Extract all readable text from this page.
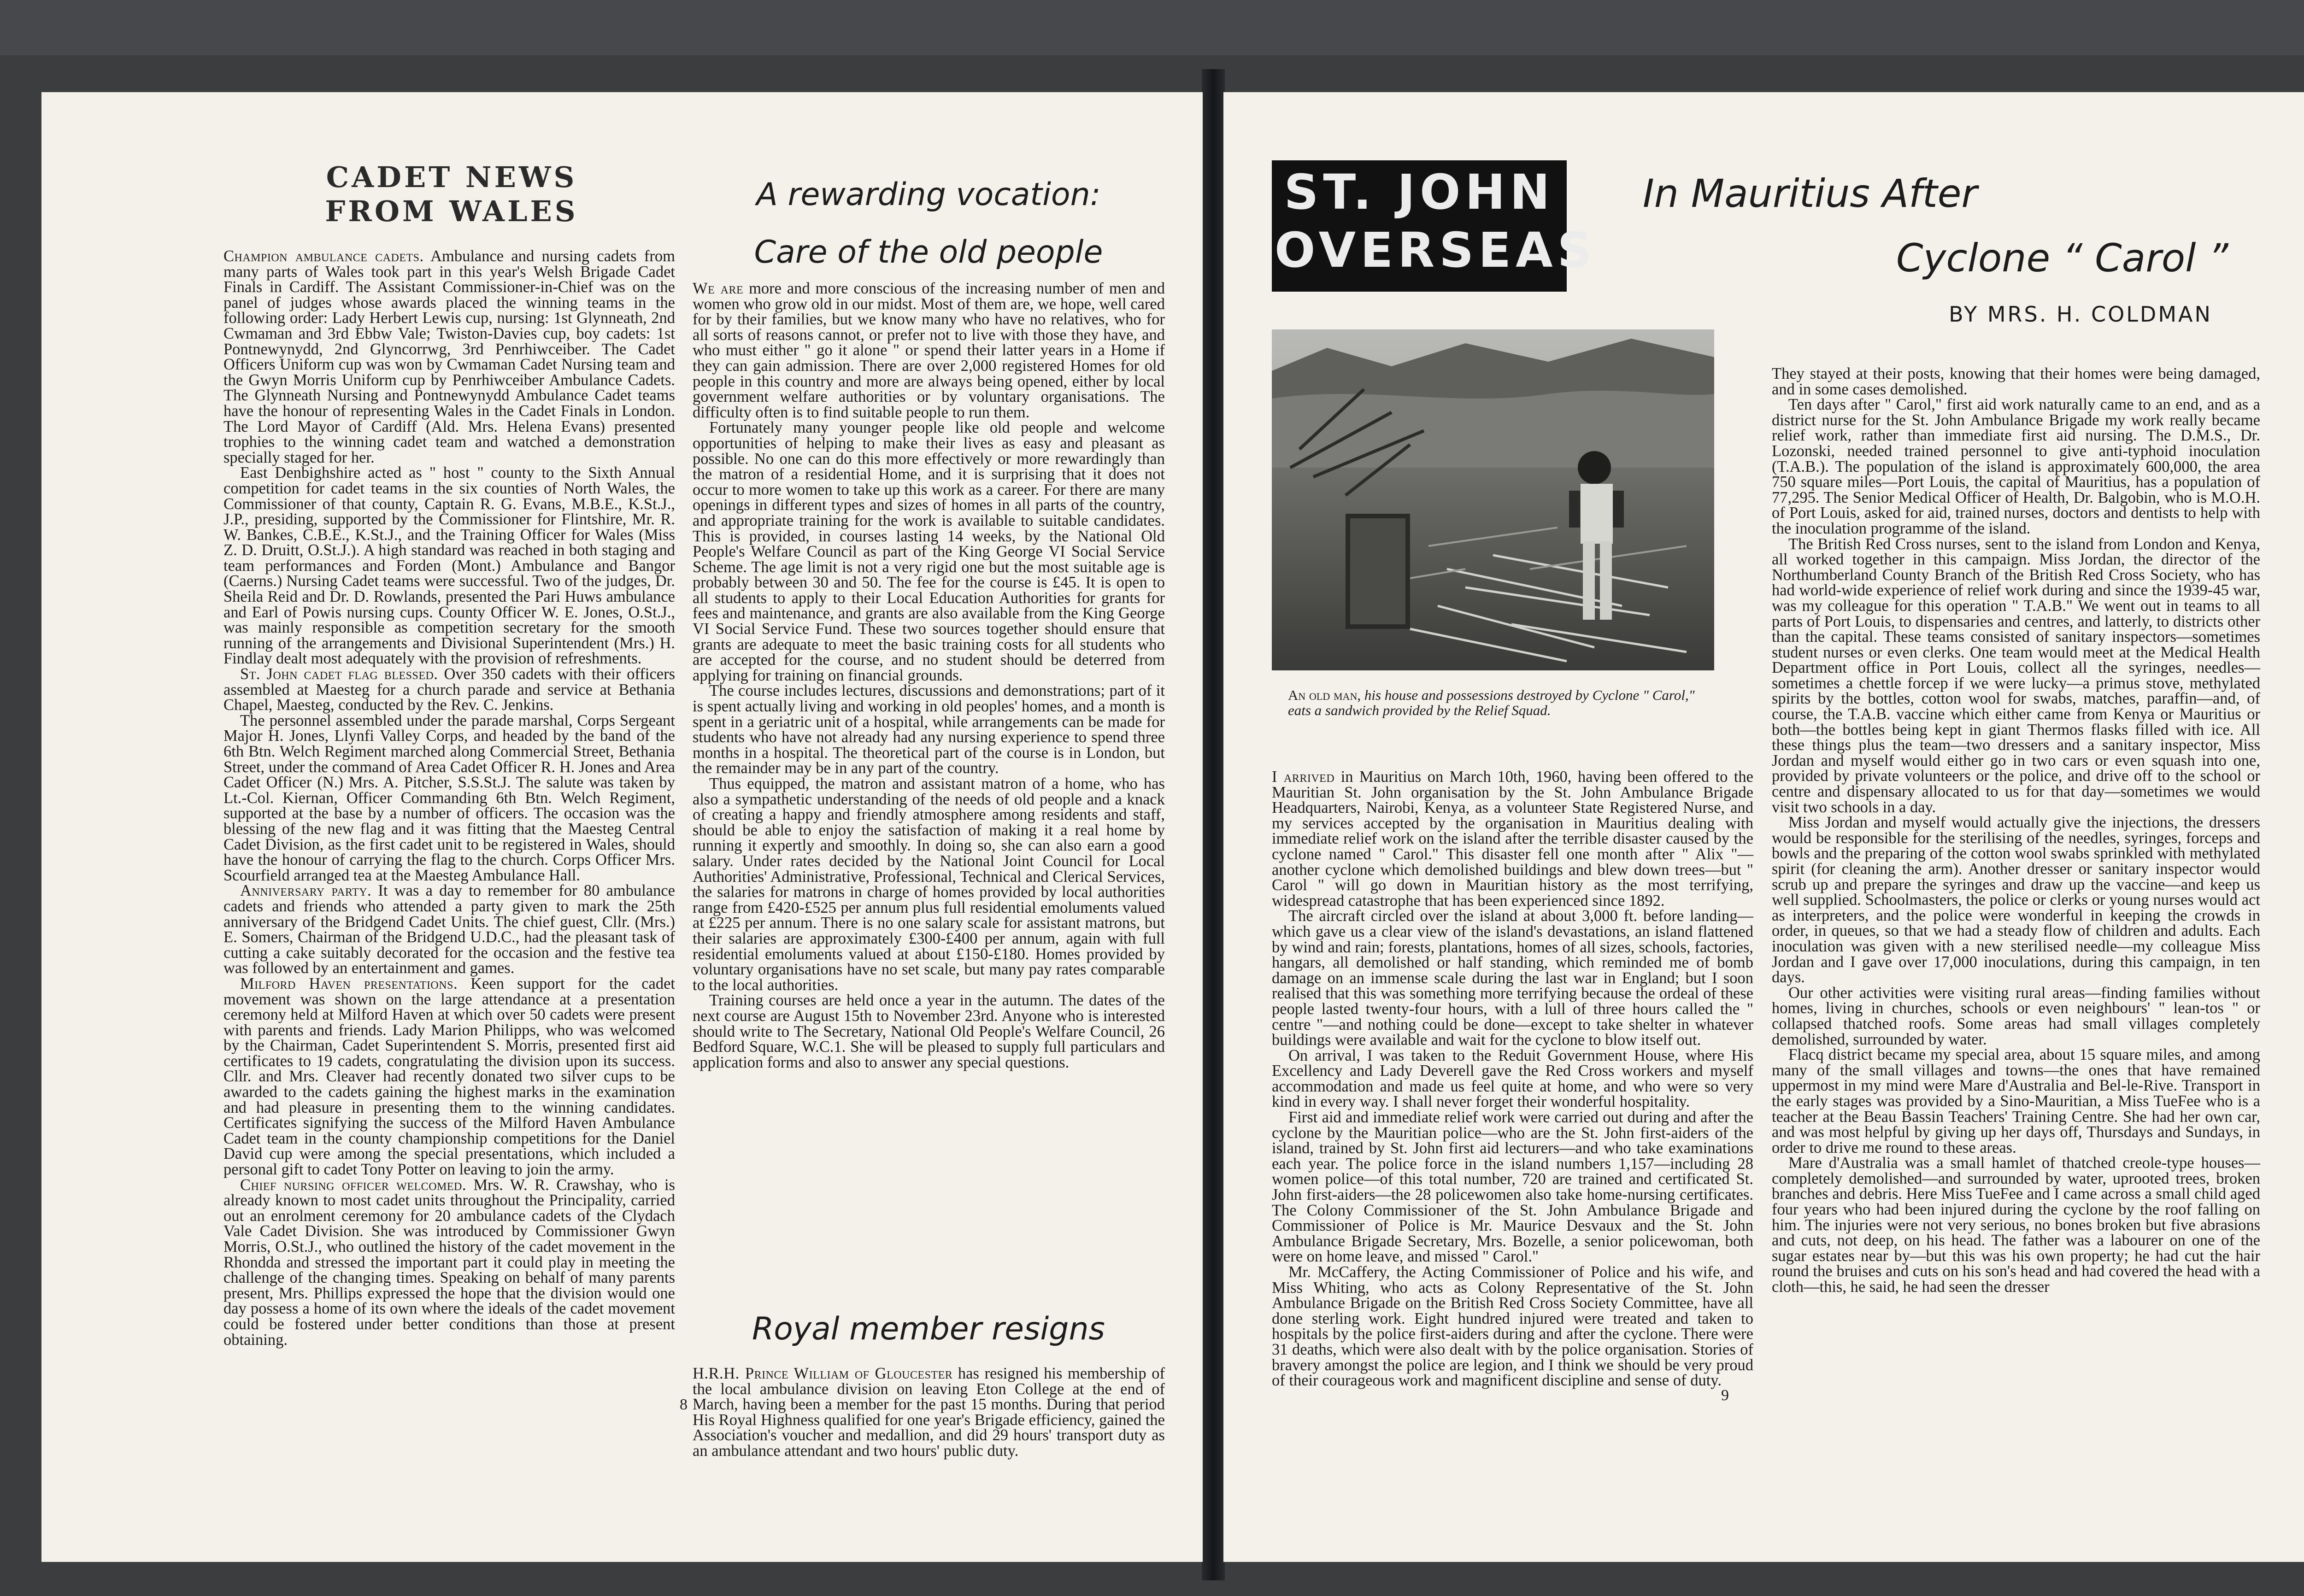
CADET NEWS
FROM WALES

Champion ambulance cadets. Ambulance and nursing cadets from many parts of Wales took part in this year's Welsh Brigade Cadet Finals in Cardiff. The Assistant Commissioner-in-Chief was on the panel of judges whose awards placed the winning teams in the following order: Lady Herbert Lewis cup, nursing: 1st Glynneath, 2nd Cwmaman and 3rd Ebbw Vale; Twiston-Davies cup, boy cadets: 1st Pontnewynydd, 2nd Glyncorrwg, 3rd Penrhiwceiber. The Cadet Officers Uniform cup was won by Cwmaman Cadet Nursing team and the Gwyn Morris Uniform cup by Penrhiwceiber Ambulance Cadets. The Glynneath Nursing and Pontnewynydd Ambulance Cadet teams have the honour of representing Wales in the Cadet Finals in London. The Lord Mayor of Cardiff (Ald. Mrs. Helena Evans) presented trophies to the winning cadet team and watched a demonstration specially staged for her.

East Denbighshire acted as " host " county to the Sixth Annual competition for cadet teams in the six counties of North Wales, the Commissioner of that county, Captain R. G. Evans, M.B.E., K.St.J., J.P., presiding, supported by the Commissioner for Flintshire, Mr. R. W. Bankes, C.B.E., K.St.J., and the Training Officer for Wales (Miss Z. D. Druitt, O.St.J.). A high standard was reached in both staging and team performances and Forden (Mont.) Ambulance and Bangor (Caerns.) Nursing Cadet teams were successful. Two of the judges, Dr. Sheila Reid and Dr. D. Rowlands, presented the Pari Huws ambulance and Earl of Powis nursing cups. County Officer W. E. Jones, O.St.J., was mainly responsible as competition secretary for the smooth running of the arrangements and Divisional Superintendent (Mrs.) H. Findlay dealt most adequately with the provision of refreshments.

St. John cadet flag blessed. Over 350 cadets with their officers assembled at Maesteg for a church parade and service at Bethania Chapel, Maesteg, conducted by the Rev. C. Jenkins.

The personnel assembled under the parade marshal, Corps Sergeant Major H. Jones, Llynfi Valley Corps, and headed by the band of the 6th Btn. Welch Regiment marched along Commercial Street, Bethania Street, under the command of Area Cadet Officer R. H. Jones and Area Cadet Officer (N.) Mrs. A. Pitcher, S.S.St.J. The salute was taken by Lt.-Col. Kiernan, Officer Commanding 6th Btn. Welch Regiment, supported at the base by a number of officers. The occasion was the blessing of the new flag and it was fitting that the Maesteg Central Cadet Division, as the first cadet unit to be registered in Wales, should have the honour of carrying the flag to the church. Corps Officer Mrs. Scourfield arranged tea at the Maesteg Ambulance Hall.

Anniversary party. It was a day to remember for 80 ambulance cadets and friends who attended a party given to mark the 25th anniversary of the Bridgend Cadet Units. The chief guest, Cllr. (Mrs.) E. Somers, Chairman of the Bridgend U.D.C., had the pleasant task of cutting a cake suitably decorated for the occasion and the festive tea was followed by an entertainment and games.

Milford Haven presentations. Keen support for the cadet movement was shown on the large attendance at a presentation ceremony held at Milford Haven at which over 50 cadets were present with parents and friends. Lady Marion Philipps, who was welcomed by the Chairman, Cadet Superintendent S. Morris, presented first aid certificates to 19 cadets, congratulating the division upon its success. Cllr. and Mrs. Cleaver had recently donated two silver cups to be awarded to the cadets gaining the highest marks in the examination and had pleasure in presenting them to the winning candidates. Certificates signifying the success of the Milford Haven Ambulance Cadet team in the county championship competitions for the Daniel David cup were among the special presentations, which included a personal gift to cadet Tony Potter on leaving to join the army.

Chief nursing officer welcomed. Mrs. W. R. Crawshay, who is already known to most cadet units throughout the Principality, carried out an enrolment ceremony for 20 ambulance cadets of the Clydach Vale Cadet Division. She was introduced by Commissioner Gwyn Morris, O.St.J., who outlined the history of the cadet movement in the Rhondda and stressed the important part it could play in meeting the challenge of the changing times. Speaking on behalf of many parents present, Mrs. Phillips expressed the hope that the division would one day possess a home of its own where the ideals of the cadet movement could be fostered under better conditions than those at present obtaining.

A rewarding vocation:
Care of the old people

We are more and more conscious of the increasing number of men and women who grow old in our midst. Most of them are, we hope, well cared for by their families, but we know many who have no relatives, who for all sorts of reasons cannot, or prefer not to live with those they have, and who must either " go it alone " or spend their latter years in a Home if they can gain admission. There are over 2,000 registered Homes for old people in this country and more are always being opened, either by local government welfare authorities or by voluntary organisations. The difficulty often is to find suitable people to run them.

Fortunately many younger people like old people and welcome opportunities of helping to make their lives as easy and pleasant as possible. No one can do this more effectively or more rewardingly than the matron of a residential Home, and it is surprising that it does not occur to more women to take up this work as a career. For there are many openings in different types and sizes of homes in all parts of the country, and appropriate training for the work is available to suitable candidates. This is provided, in courses lasting 14 weeks, by the National Old People's Welfare Council as part of the King George VI Social Service Scheme. The age limit is not a very rigid one but the most suitable age is probably between 30 and 50. The fee for the course is £45. It is open to all students to apply to their Local Education Authorities for grants for fees and maintenance, and grants are also available from the King George VI Social Service Fund. These two sources together should ensure that grants are adequate to meet the basic training costs for all students who are accepted for the course, and no student should be deterred from applying for training on financial grounds.

The course includes lectures, discussions and demonstrations; part of it is spent actually living and working in old peoples' homes, and a month is spent in a geriatric unit of a hospital, while arrangements can be made for students who have not already had any nursing experience to spend three months in a hospital. The theoretical part of the course is in London, but the remainder may be in any part of the country.

Thus equipped, the matron and assistant matron of a home, who has also a sympathetic understanding of the needs of old people and a knack of creating a happy and friendly atmosphere among residents and staff, should be able to enjoy the satisfaction of making it a real home by running it expertly and smoothly. In doing so, she can also earn a good salary. Under rates decided by the National Joint Council for Local Authorities' Administrative, Professional, Technical and Clerical Services, the salaries for matrons in charge of homes provided by local authorities range from £420-£525 per annum plus full residential emoluments valued at £225 per annum. There is no one salary scale for assistant matrons, but their salaries are approximately £300-£400 per annum, again with full residential emoluments valued at about £150-£180. Homes provided by voluntary organisations have no set scale, but many pay rates comparable to the local authorities.

Training courses are held once a year in the autumn. The dates of the next course are August 15th to November 23rd. Anyone who is interested should write to The Secretary, National Old People's Welfare Council, 26 Bedford Square, W.C.1. She will be pleased to supply full particulars and application forms and also to answer any special questions.

Royal member resigns

H.R.H. Prince William of Gloucester has resigned his membership of the local ambulance division on leaving Eton College at the end of March, having been a member for the past 15 months. During that period His Royal Highness qualified for one year's Brigade efficiency, gained the Association's voucher and medallion, and did 29 hours' transport duty as an ambulance attendant and two hours' public duty.

8
ST. JOHN
OVERSEAS
In Mauritius After
Cyclone “ Carol ”
BY MRS. H. COLDMAN
An old man, his house and possessions destroyed by Cyclone " Carol," eats a sandwich provided by the Relief Squad.

I arrived in Mauritius on March 10th, 1960, having been offered to the Mauritian St. John organisation by the St. John Ambulance Brigade Headquarters, Nairobi, Kenya, as a volunteer State Registered Nurse, and my services accepted by the organisation in Mauritius dealing with immediate relief work on the island after the terrible disaster caused by the cyclone named " Carol." This disaster fell one month after " Alix "—another cyclone which demolished buildings and blew down trees—but " Carol " will go down in Mauritian history as the most terrifying, widespread catastrophe that has been experienced since 1892.

The aircraft circled over the island at about 3,000 ft. before landing—which gave us a clear view of the island's devastations, an island flattened by wind and rain; forests, plantations, homes of all sizes, schools, factories, hangars, all demolished or half standing, which reminded me of bomb damage on an immense scale during the last war in England; but I soon realised that this was something more terrifying because the ordeal of these people lasted twenty-four hours, with a lull of three hours called the " centre "—and nothing could be done—except to take shelter in whatever buildings were available and wait for the cyclone to blow itself out.

On arrival, I was taken to the Reduit Government House, where His Excellency and Lady Deverell gave the Red Cross workers and myself accommodation and made us feel quite at home, and who were so very kind in every way. I shall never forget their wonderful hospitality.

First aid and immediate relief work were carried out during and after the cyclone by the Mauritian police—who are the St. John first-aiders of the island, trained by St. John first aid lecturers—and who take examinations each year. The police force in the island numbers 1,157—including 28 women police—of this total number, 720 are trained and certificated St. John first-aiders—the 28 policewomen also take home-nursing certificates. The Colony Commissioner of the St. John Ambulance Brigade and Commissioner of Police is Mr. Maurice Desvaux and the St. John Ambulance Brigade Secretary, Mrs. Bozelle, a senior policewoman, both were on home leave, and missed " Carol."

Mr. McCaffery, the Acting Commissioner of Police and his wife, and Miss Whiting, who acts as Colony Representative of the St. John Ambulance Brigade on the British Red Cross Society Committee, have all done sterling work. Eight hundred injured were treated and taken to hospitals by the police first-aiders during and after the cyclone. There were 31 deaths, which were also dealt with by the police organisation. Stories of bravery amongst the police are legion, and I think we should be very proud of their courageous work and magnificent discipline and sense of duty.

They stayed at their posts, knowing that their homes were being damaged, and in some cases demolished.

Ten days after " Carol," first aid work naturally came to an end, and as a district nurse for the St. John Ambulance Brigade my work really became relief work, rather than immediate first aid nursing. The D.M.S., Dr. Lozonski, needed trained personnel to give anti-typhoid inoculation (T.A.B.). The population of the island is approximately 600,000, the area 750 square miles—Port Louis, the capital of Mauritius, has a population of 77,295. The Senior Medical Officer of Health, Dr. Balgobin, who is M.O.H. of Port Louis, asked for aid, trained nurses, doctors and dentists to help with the inoculation programme of the island.

The British Red Cross nurses, sent to the island from London and Kenya, all worked together in this campaign. Miss Jordan, the director of the Northumberland County Branch of the British Red Cross Society, who has had world-wide experience of relief work during and since the 1939-45 war, was my colleague for this operation " T.A.B." We went out in teams to all parts of Port Louis, to dispensaries and centres, and latterly, to districts other than the capital. These teams consisted of sanitary inspectors—sometimes student nurses or even clerks. One team would meet at the Medical Health Department office in Port Louis, collect all the syringes, needles—sometimes a chettle forcep if we were lucky—a primus stove, methylated spirits by the bottles, cotton wool for swabs, matches, paraffin—and, of course, the T.A.B. vaccine which either came from Kenya or Mauritius or both—the bottles being kept in giant Thermos flasks filled with ice. All these things plus the team—two dressers and a sanitary inspector, Miss Jordan and myself would either go in two cars or even squash into one, provided by private volunteers or the police, and drive off to the school or centre and dispensary allocated to us for that day—sometimes we would visit two schools in a day.

Miss Jordan and myself would actually give the injections, the dressers would be responsible for the sterilising of the needles, syringes, forceps and bowls and the preparing of the cotton wool swabs sprinkled with methylated spirit (for cleaning the arm). Another dresser or sanitary inspector would scrub up and prepare the syringes and draw up the vaccine—and keep us well supplied. Schoolmasters, the police or clerks or young nurses would act as interpreters, and the police were wonderful in keeping the crowds in order, in queues, so that we had a steady flow of children and adults. Each inoculation was given with a new sterilised needle—my colleague Miss Jordan and I gave over 17,000 inoculations, during this campaign, in ten days.

Our other activities were visiting rural areas—finding families without homes, living in churches, schools or even neighbours' " lean-tos " or collapsed thatched roofs. Some areas had small villages completely demolished, surrounded by water.

Flacq district became my special area, about 15 square miles, and among many of the small villages and towns—the ones that have remained uppermost in my mind were Mare d'Australia and Bel-le-Rive. Transport in the early stages was provided by a Sino-Mauritian, a Miss TueFee who is a teacher at the Beau Bassin Teachers' Training Centre. She had her own car, and was most helpful by giving up her days off, Thursdays and Sundays, in order to drive me round to these areas.

Mare d'Australia was a small hamlet of thatched creole-type houses—completely demolished—and surrounded by water, uprooted trees, broken branches and debris. Here Miss TueFee and I came across a small child aged four years who had been injured during the cyclone by the roof falling on him. The injuries were not very serious, no bones broken but five abrasions and cuts, not deep, on his head. The father was a labourer on one of the sugar estates near by—but this was his own property; he had cut the hair round the bruises and cuts on his son's head and had covered the head with a cloth—this, he said, he had seen the dresser

9
